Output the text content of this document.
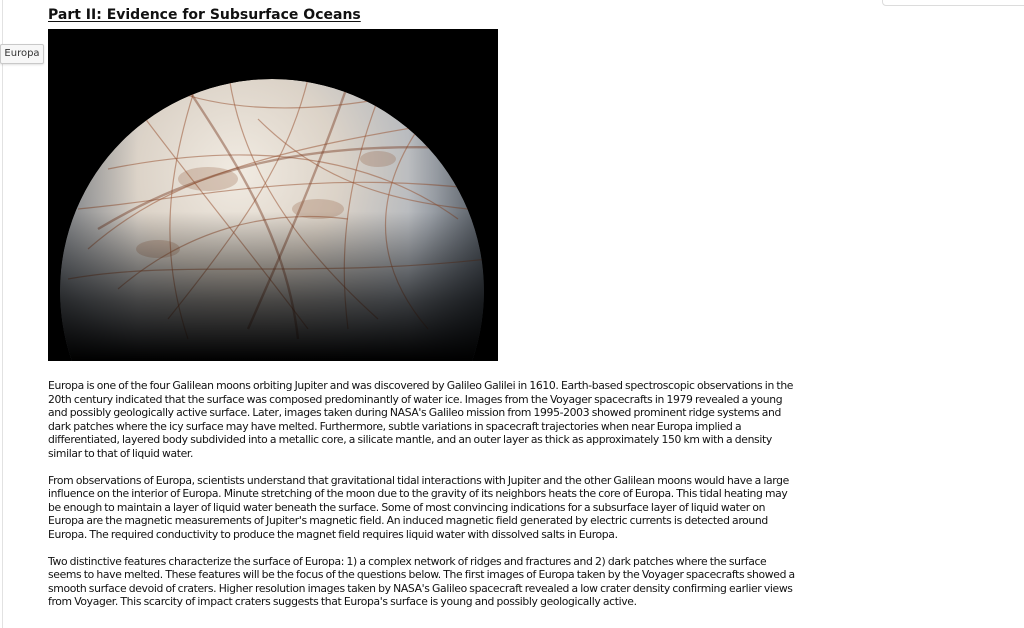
Europa
Part II: Evidence for Subsurface Oceans

Europa is one of the four Galilean moons orbiting Jupiter and was discovered by Galileo Galilei in 1610. Earth-based spectroscopic observations in the 20th century indicated that the surface was composed predominantly of water ice. Images from the Voyager spacecrafts in 1979 revealed a young and possibly geologically active surface. Later, images taken during NASA's Galileo mission from 1995-2003 showed prominent ridge systems and dark patches where the icy surface may have melted. Furthermore, subtle variations in spacecraft trajectories when near Europa implied a differentiated, layered body subdivided into a metallic core, a silicate mantle, and an outer layer as thick as approximately 150 km with a density similar to that of liquid water.

From observations of Europa, scientists understand that gravitational tidal interactions with Jupiter and the other Galilean moons would have a large influence on the interior of Europa. Minute stretching of the moon due to the gravity of its neighbors heats the core of Europa. This tidal heating may be enough to maintain a layer of liquid water beneath the surface. Some of most convincing indications for a subsurface layer of liquid water on Europa are the magnetic measurements of Jupiter's magnetic field. An induced magnetic field generated by electric currents is detected around Europa. The required conductivity to produce the magnet field requires liquid water with dissolved salts in Europa.

Two distinctive features characterize the surface of Europa: 1) a complex network of ridges and fractures and 2) dark patches where the surface seems to have melted. These features will be the focus of the questions below. The first images of Europa taken by the Voyager spacecrafts showed a smooth surface devoid of craters. Higher resolution images taken by NASA's Galileo spacecraft revealed a low crater density confirming earlier views from Voyager. This scarcity of impact craters suggests that Europa's surface is young and possibly geologically active.
